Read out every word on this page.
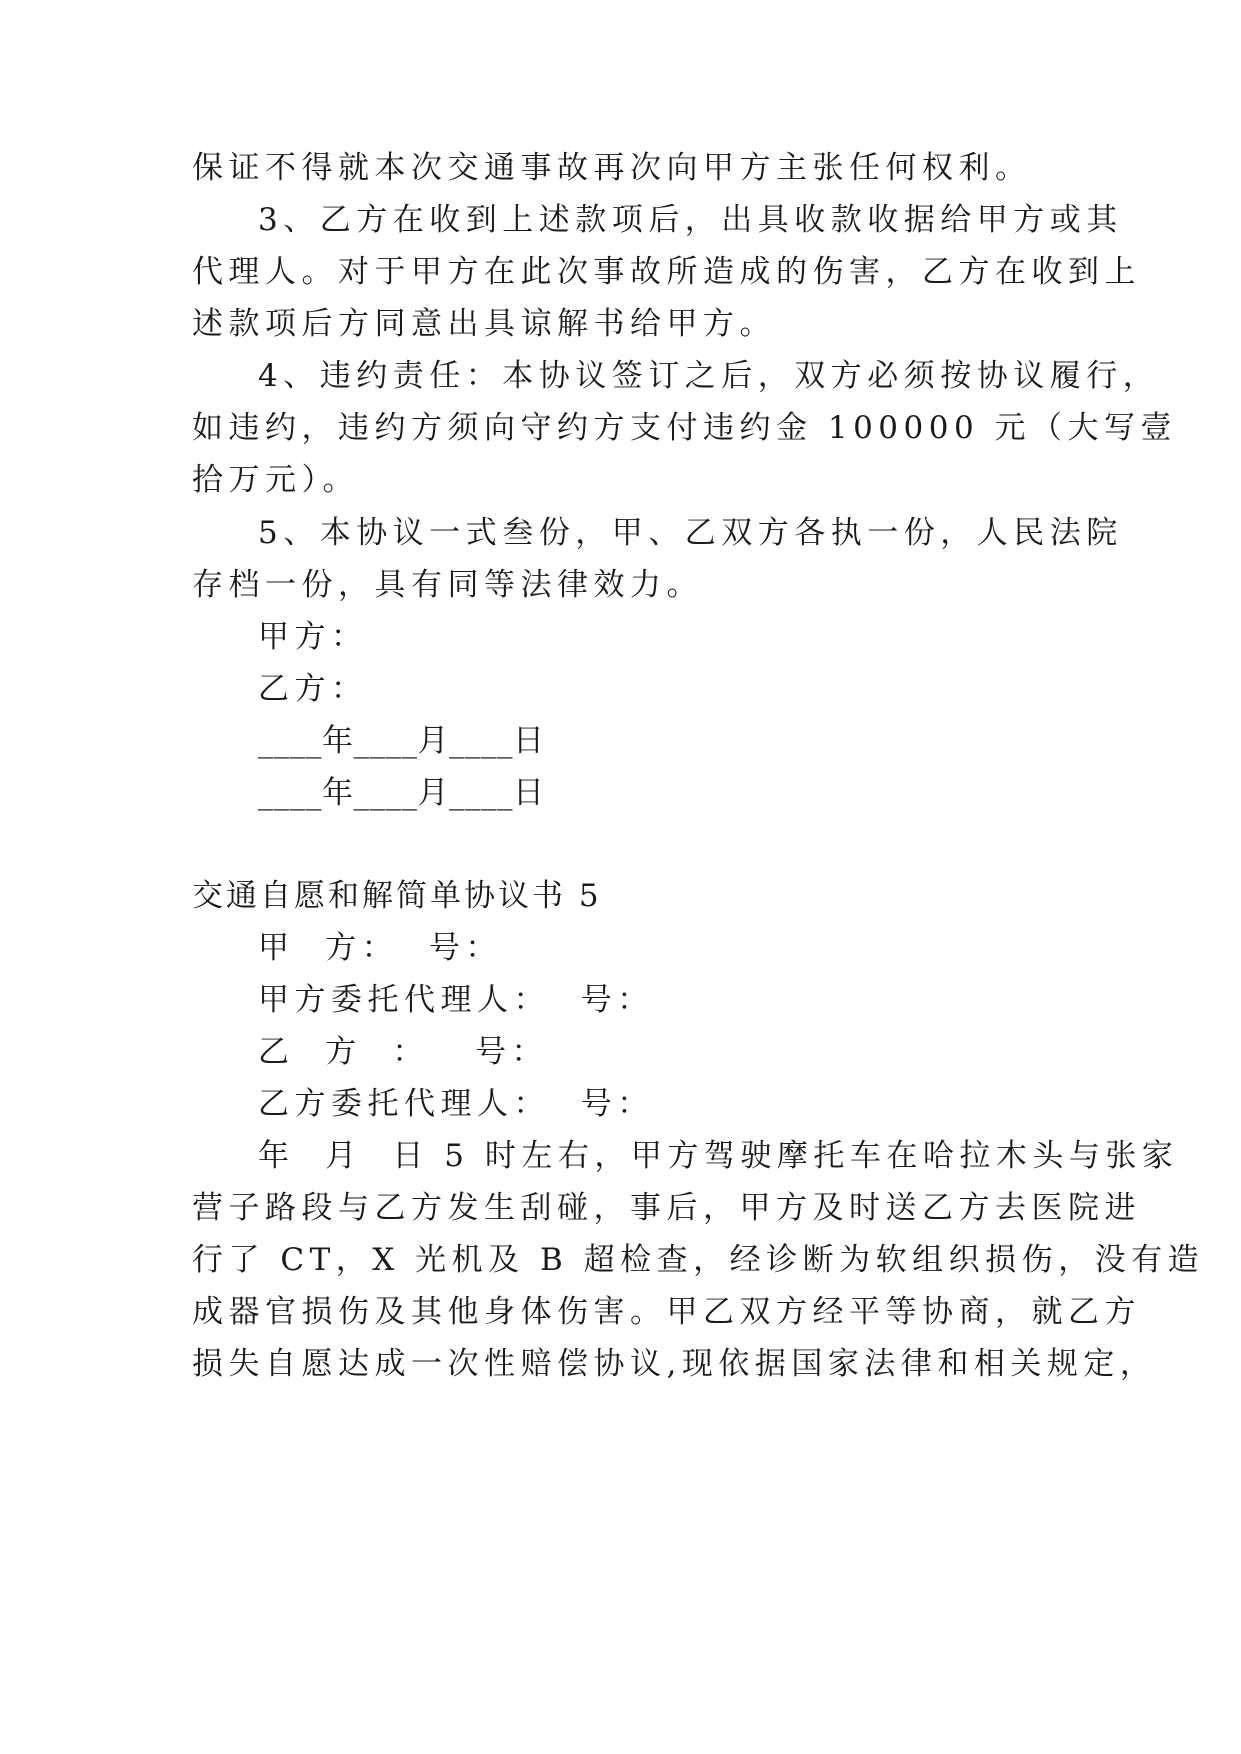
保证不得就本次交通事故再次向甲方主张任何权利。
3、乙方在收到上述款项后，出具收款收据给甲方或其
代理人。对于甲方在此次事故所造成的伤害，乙方在收到上
述款项后方同意出具谅解书给甲方。
4、违约责任：本协议签订之后，双方必须按协议履行，
如违约，违约方须向守约方支付违约金 100000 元（大写壹
拾万元）。
5、本协议一式叁份，甲、乙双方各执一份，人民法院
存档一份，具有同等法律效力。
甲方：
乙方：
____年____月____日
____年____月____日
交通自愿和解简单协议书 5
甲  方：  号：
甲方委托代理人：  号：
乙  方  ：   号：
乙方委托代理人：  号：
年  月  日 5 时左右，甲方驾驶摩托车在哈拉木头与张家
营子路段与乙方发生刮碰，事后，甲方及时送乙方去医院进
行了 CT，X 光机及 B 超检查，经诊断为软组织损伤，没有造
成器官损伤及其他身体伤害。甲乙双方经平等协商，就乙方
损失自愿达成一次性赔偿协议,现依据国家法律和相关规定，
